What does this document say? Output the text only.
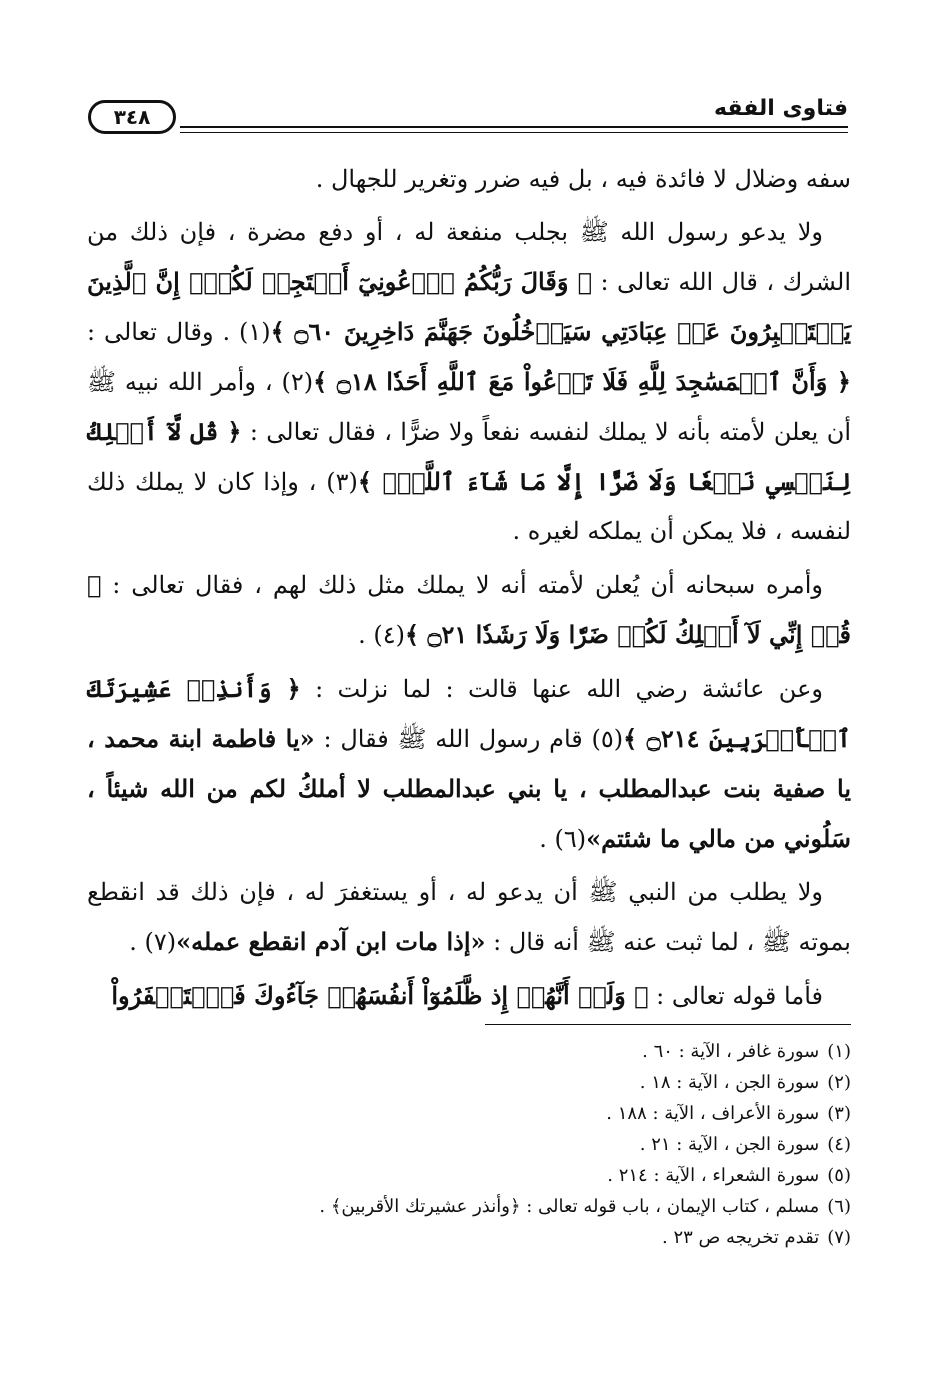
فتاوى الفقه
٣٤٨

سفه وضلال لا فائدة فيه ، بل فيه ضرر وتغرير للجهال .

ولا يدعو رسول الله ﷺ بجلب منفعة له ، أو دفع مضرة ، فإن ذلك من الشرك ، قال الله تعالى : ﴿ وَقَالَ رَبُّكُمُ ٱدۡعُونِيٓ أَسۡتَجِبۡ لَكُمۡۚ إِنَّ ٱلَّذِينَ يَسۡتَكۡبِرُونَ عَنۡ عِبَادَتِي سَيَدۡخُلُونَ جَهَنَّمَ دَاخِرِينَ ۝٦٠ ﴾(١) . وقال تعالى : ﴿ وَأَنَّ ٱلۡمَسَٰجِدَ لِلَّهِ فَلَا تَدۡعُواْ مَعَ ٱللَّهِ أَحَدٗا ۝١٨ ﴾(٢) ، وأمر الله نبيه ﷺ أن يعلن لأمته بأنه لا يملك لنفسه نفعاً ولا ضرًّا ، فقال تعالى : ﴿ قُل لَّآ أَمۡلِكُ لِنَفۡسِي نَفۡعٗا وَلَا ضَرًّا إِلَّا مَا شَآءَ ٱللَّهُۚ ﴾(٣) ، وإذا كان لا يملك ذلك لنفسه ، فلا يمكن أن يملكه لغيره .

وأمره سبحانه أن يُعلن لأمته أنه لا يملك مثل ذلك لهم ، فقال تعالى : ﴿ قُلۡ إِنِّي لَآ أَمۡلِكُ لَكُمۡ ضَرّٗا وَلَا رَشَدٗا ۝٢١ ﴾(٤) .

وعن عائشة رضي الله عنها قالت : لما نزلت : ﴿ وَأَنذِرۡ عَشِيرَتَكَ ٱلۡأَقۡرَبِينَ ۝٢١٤ ﴾(٥) قام رسول الله ﷺ فقال : «يا فاطمة ابنة محمد ، يا صفية بنت عبدالمطلب ، يا بني عبدالمطلب لا أملكُ لكم من الله شيئاً ، سَلُوني من مالي ما شئتم»(٦) .

ولا يطلب من النبي ﷺ أن يدعو له ، أو يستغفرَ له ، فإن ذلك قد انقطع بموته ﷺ ، لما ثبت عنه ﷺ أنه قال : «إذا مات ابن آدم انقطع عمله»(٧) .

فأما قوله تعالى : ﴿ وَلَوۡ أَنَّهُمۡ إِذ ظَّلَمُوٓاْ أَنفُسَهُمۡ جَآءُوكَ فَٱسۡتَغۡفَرُواْ

(١)سورة غافر ، الآية : ٦٠ .
(٢)سورة الجن ، الآية : ١٨ .
(٣)سورة الأعراف ، الآية : ١٨٨ .
(٤)سورة الجن ، الآية : ٢١ .
(٥)سورة الشعراء ، الآية : ٢١٤ .
(٦)مسلم ، كتاب الإيمان ، باب قوله تعالى : ﴿وأنذر عشيرتك الأقربين﴾ .
(٧)تقدم تخريجه ص ٢٣ .
